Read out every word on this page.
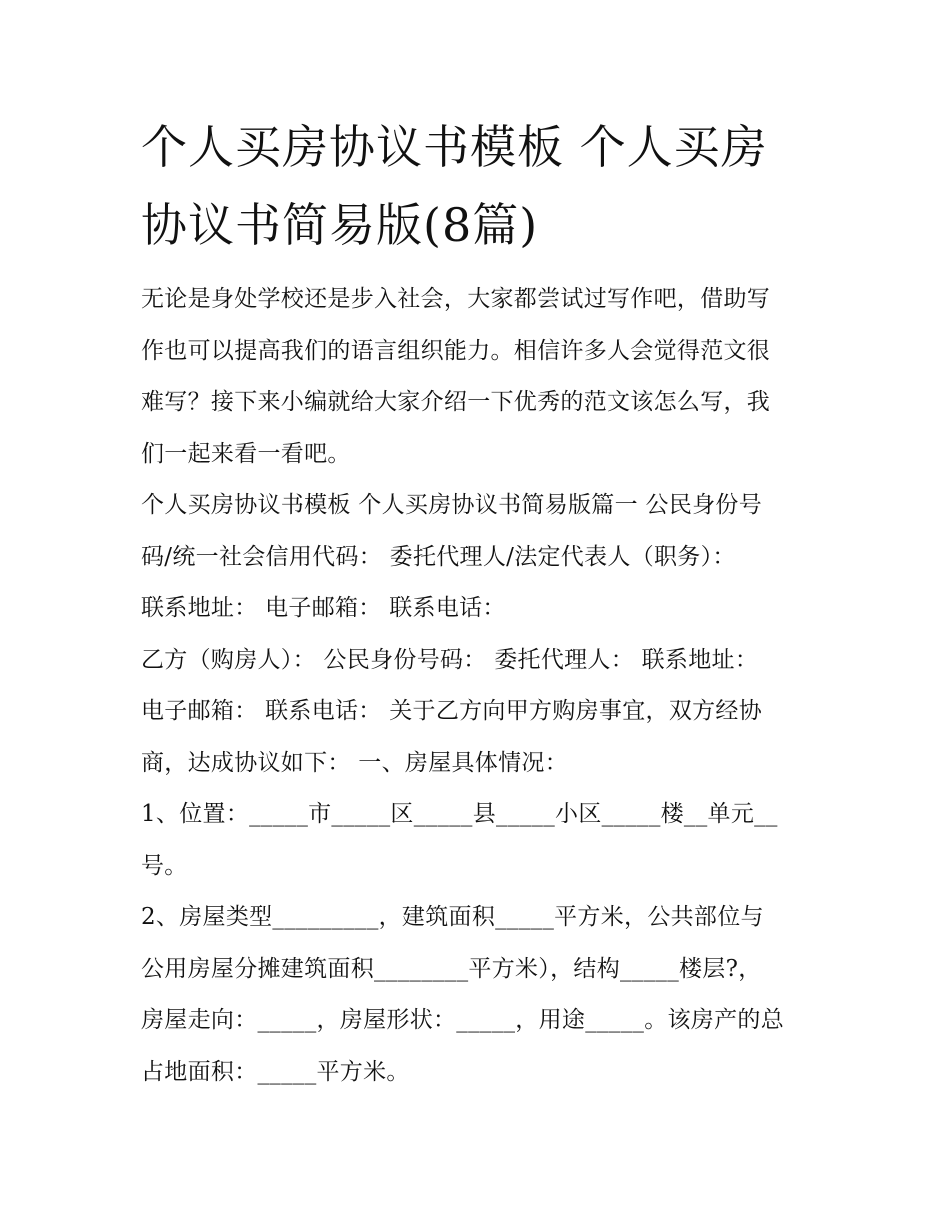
个人买房协议书模板 个人买房
协议书简易版(8篇)

无论是身处学校还是步入社会，大家都尝试过写作吧，借助写
作也可以提高我们的语言组织能力。相信许多人会觉得范文很
难写？接下来小编就给大家介绍一下优秀的范文该怎么写，我
们一起来看一看吧。

个人买房协议书模板 个人买房协议书简易版篇一 公民身份号
码/统一社会信用代码： 委托代理人/法定代表人（职务）：
联系地址： 电子邮箱： 联系电话：

乙方（购房人）： 公民身份号码： 委托代理人： 联系地址：
电子邮箱： 联系电话： 关于乙方向甲方购房事宜，双方经协
商，达成协议如下： 一、房屋具体情况：

1、位置：_____市_____区_____县_____小区_____楼__单元__
号。

2、房屋类型_________，建筑面积_____平方米，公共部位与
公用房屋分摊建筑面积________平方米），结构_____楼层?，
房屋走向：_____，房屋形状：_____，用途_____。该房产的总
占地面积：_____平方米。
